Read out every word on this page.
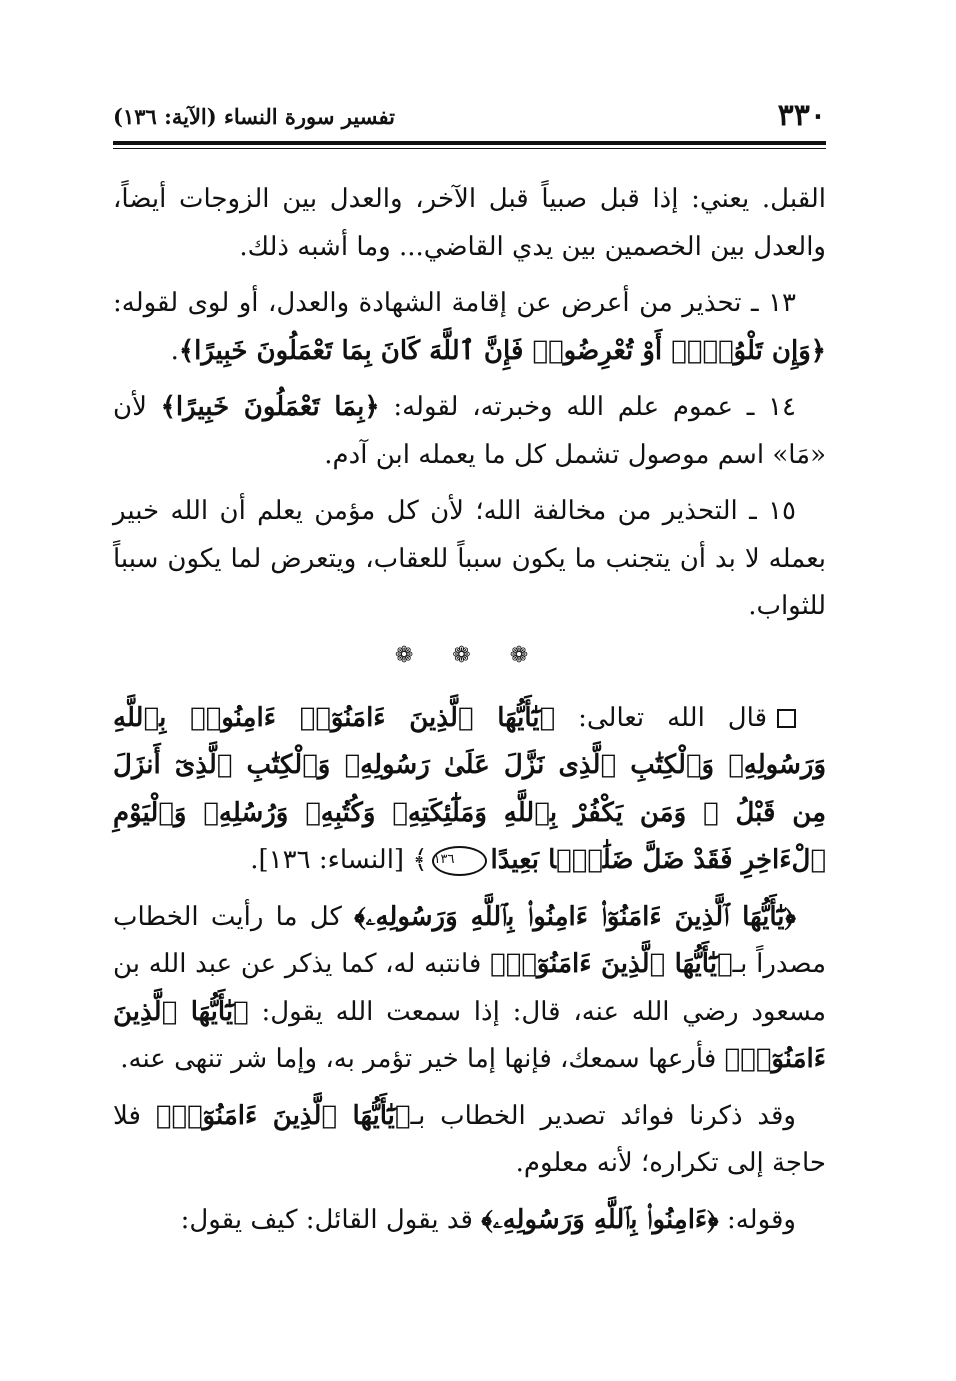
٣٣٠
تفسير سورة النساء (الآية: ١٣٦)

القبل. يعني: إذا قبل صبياً قبل الآخر، والعدل بين الزوجات أيضاً، والعدل بين الخصمين بين يدي القاضي... وما أشبه ذلك.

١٣ ـ تحذير من أعرض عن إقامة الشهادة والعدل، أو لوى لقوله: ﴿وَإِن تَلْوُۥٓا۟ أَوْ تُعْرِضُوا۟ فَإِنَّ ٱللَّهَ كَانَ بِمَا تَعْمَلُونَ خَبِيرًا﴾.

١٤ ـ عموم علم الله وخبرته، لقوله: ﴿بِمَا تَعْمَلُونَ خَبِيرًا﴾ لأن «مَا» اسم موصول تشمل كل ما يعمله ابن آدم.

١٥ ـ التحذير من مخالفة الله؛ لأن كل مؤمن يعلم أن الله خبير بعمله لا بد أن يتجنب ما يكون سبباً للعقاب، ويتعرض لما يكون سبباً للثواب.

❁ ❁ ❁

قال الله تعالى: ﴿يَٰٓأَيُّهَا ٱلَّذِينَ ءَامَنُوٓا۟ ءَامِنُوا۟ بِٱللَّهِ وَرَسُولِهِۦ وَٱلْكِتَٰبِ ٱلَّذِى نَزَّلَ عَلَىٰ رَسُولِهِۦ وَٱلْكِتَٰبِ ٱلَّذِىٓ أَنزَلَ مِن قَبْلُ ۚ وَمَن يَكْفُرْ بِٱللَّهِ وَمَلَٰٓئِكَتِهِۦ وَكُتُبِهِۦ وَرُسُلِهِۦ وَٱلْيَوْمِ ٱلْءَاخِرِ فَقَدْ ضَلَّ ضَلَٰلًۢا بَعِيدًا١٣٦﴾ [النساء: ١٣٦].

﴿يَٰٓأَيُّهَا ٱلَّذِينَ ءَامَنُوٓا۟ ءَامِنُوا۟ بِٱللَّهِ وَرَسُولِهِۦ﴾ كل ما رأيت الخطاب مصدراً بـ﴿يَٰٓأَيُّهَا ٱلَّذِينَ ءَامَنُوٓا۟﴾ فانتبه له، كما يذكر عن عبد الله بن مسعود رضي الله عنه، قال: إذا سمعت الله يقول: ﴿يَٰٓأَيُّهَا ٱلَّذِينَ ءَامَنُوٓا۟﴾ فأرعها سمعك، فإنها إما خير تؤمر به، وإما شر تنهى عنه.

وقد ذكرنا فوائد تصدير الخطاب بـ﴿يَٰٓأَيُّهَا ٱلَّذِينَ ءَامَنُوٓا۟﴾ فلا حاجة إلى تكراره؛ لأنه معلوم.

وقوله: ﴿ءَامِنُوا۟ بِٱللَّهِ وَرَسُولِهِۦ﴾ قد يقول القائل: كيف يقول:
